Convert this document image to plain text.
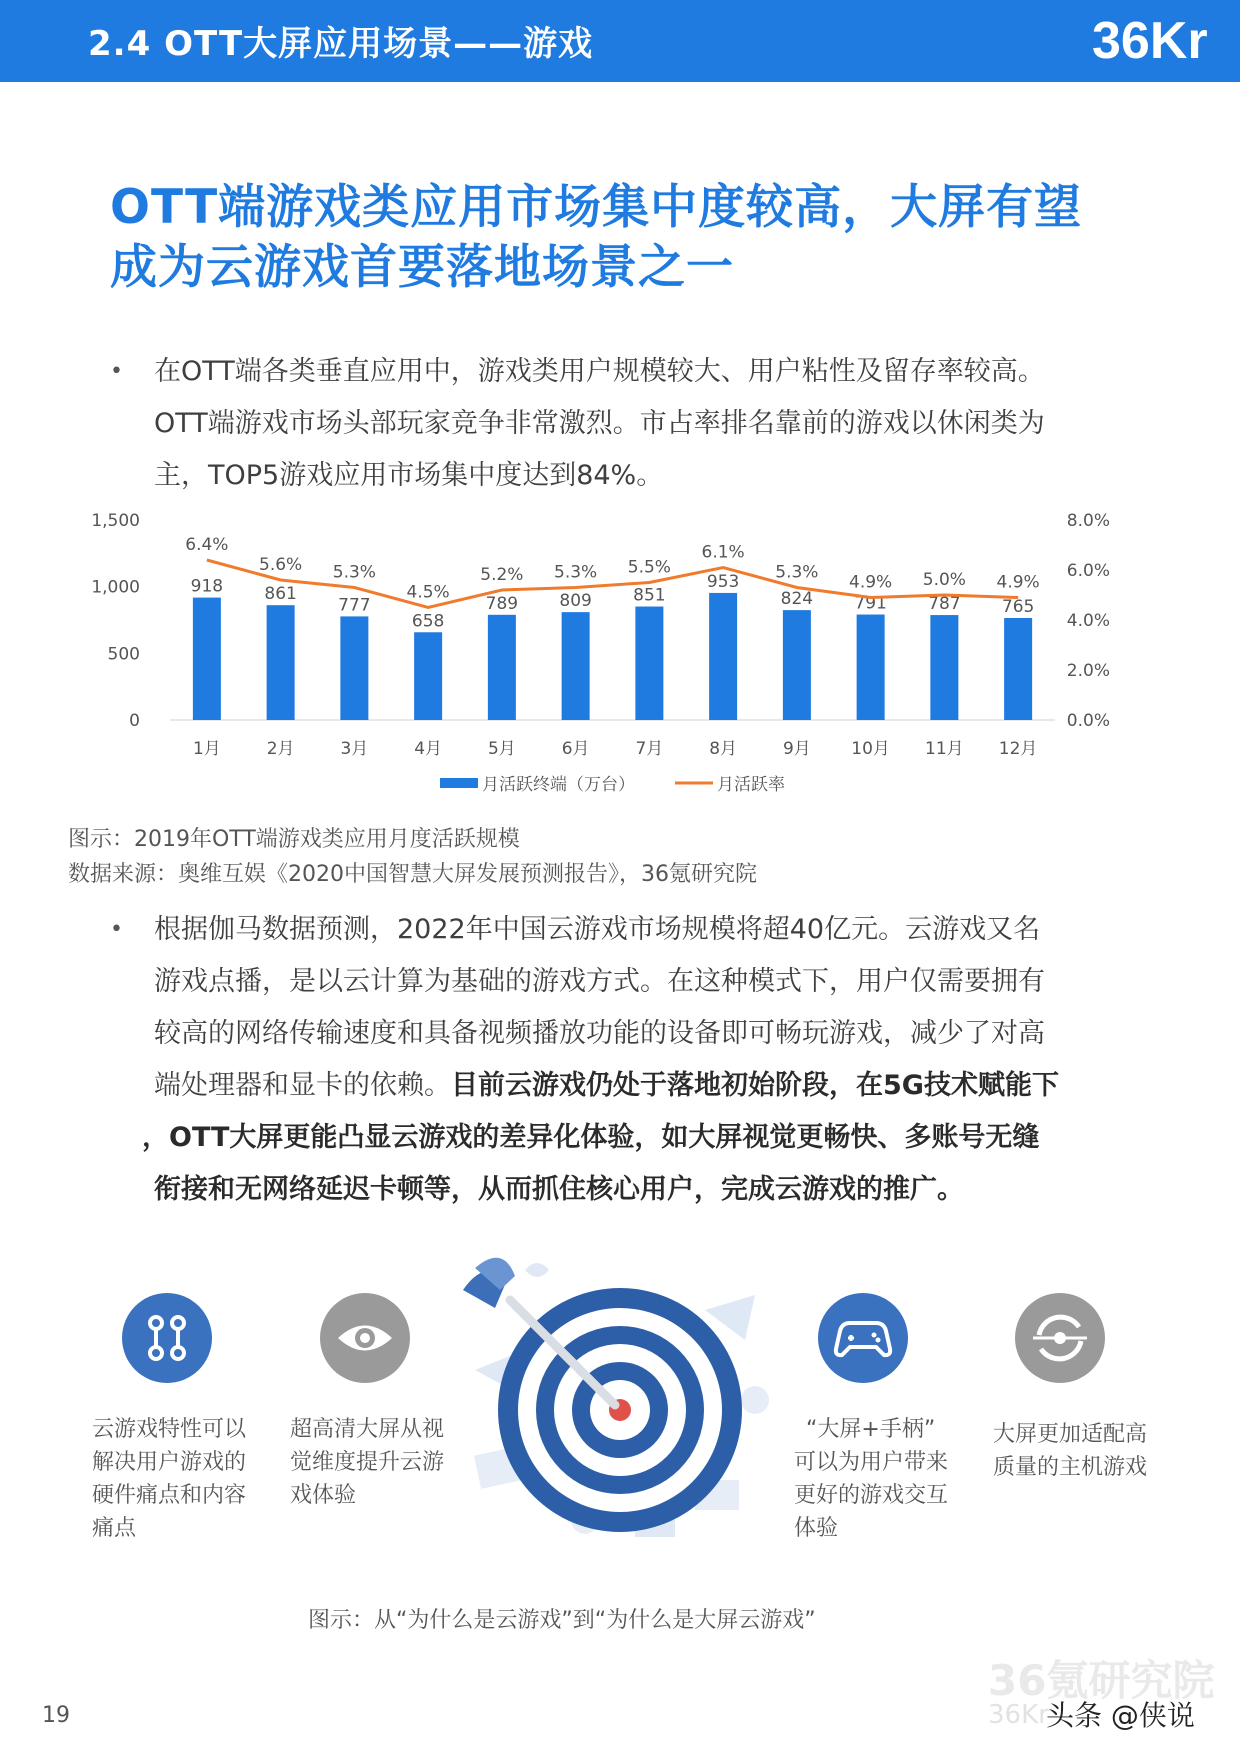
2.4 OTT大屏应用场景——游戏	36Kr
OTT端游戏类应用市场集中度较高，大屏有望
成为云游戏首要落地场景之一
• 在OTT端各类垂直应用中，游戏类用户规模较大、用户粘性及留存率较高。
OTT端游戏市场头部玩家竞争非常激烈。市占率排名靠前的游戏以休闲类为
主，TOP5游戏应用市场集中度达到84%。
0
500
1,000
1,500
0.0%
2.0%
4.0%
6.0%
8.0%
918
1月
861
2月
777
3月
658
4月
789
5月
809
6月
851
7月
953
8月
824
9月
791
10月
787
11月
765
12月
6.4%
5.6% 5.3%
4.5%
5.2% 5.3% 5.5%
6.1%
5.3% 4.9% 5.0% 4.9%
月活跃终端（万台）	月活跃率
图示：2019年OTT端游戏类应用月度活跃规模
数据来源：奥维互娱《2020中国智慧大屏发展预测报告》，36氪研究院
• 根据伽马数据预测，2022年中国云游戏市场规模将超40亿元。云游戏又名
游戏点播，是以云计算为基础的游戏方式。在这种模式下，用户仅需要拥有
较高的网络传输速度和具备视频播放功能的设备即可畅玩游戏，减少了对高
端处理器和显卡的依赖。目前云游戏仍处于落地初始阶段，在5G技术赋能下
，OTT大屏更能凸显云游戏的差异化体验，如大屏视觉更畅快、多账号无缝
衔接和无网络延迟卡顿等，从而抓住核心用户，完成云游戏的推广。
云游戏特性可以
解决用户游戏的
硬件痛点和内容
痛点
超高清大屏从视
觉维度提升云游
戏体验
“大屏+手柄”
可以为用户带来
更好的游戏交互
体验
大屏更加适配高
质量的主机游戏
图示：从“为什么是云游戏”到“为什么是大屏云游戏”
19
36氪研究院
36Kr
头条 @侠说
